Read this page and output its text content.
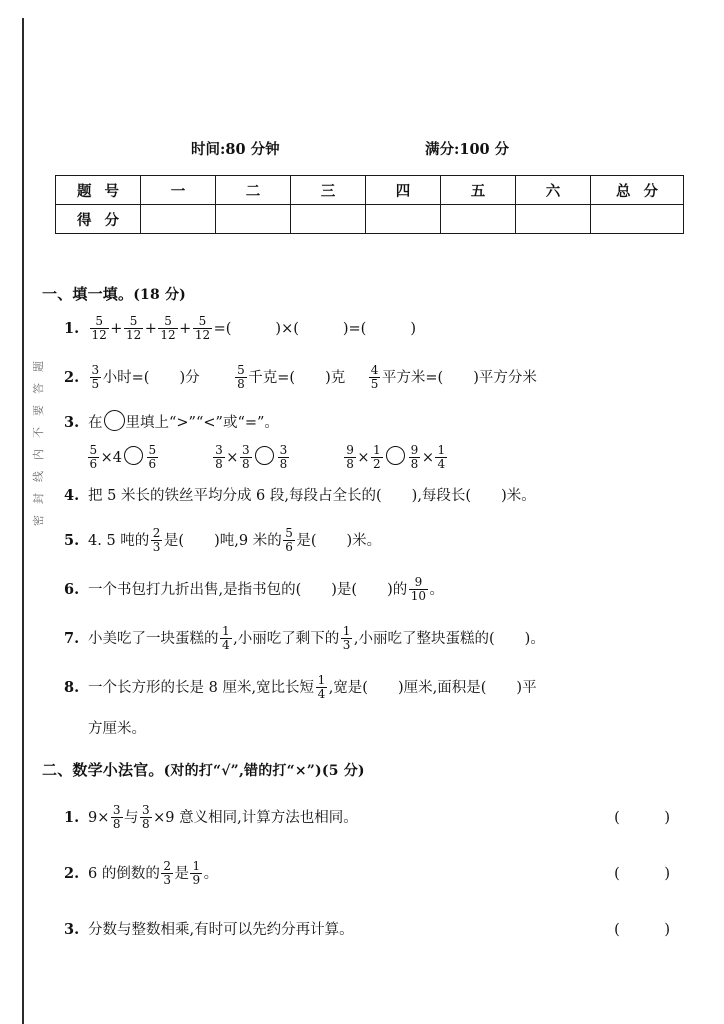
密封线内不要答题
时间:80 分钟	满分:100 分
题 号	一	二	三	四	五	六	总 分
得 分							
一、填一填。(18 分)
1. $\frac{5}{12} + \frac{5}{12} + \frac{5}{12} + \frac{5}{12}$ =(	)×(	)=(	)
2. $\frac{3}{5}$ 小时=( )分	$\frac{5}{8}$ 千克=( )克 $\frac{4}{5}$ 平方米=( )平方分米
3. 在 里填上“>”“<”或“=”。
$\frac{5}{6} \times 4 \frac{5}{6}$	$\frac{3}{8} \times \frac{3}{8} \frac{3}{8}$	$\frac{9}{8} \times \frac{1}{2} \frac{9}{8} \times \frac{1}{4}$
4. 把 5 米长的铁丝平均分成 6 段,每段占全长的( ),每段长( )米。
5. 4. 5 吨的 $\frac{2}{3}$ 是( )吨,9 米的 $\frac{5}{6}$ 是( )米。
6. 一个书包打九折出售,是指书包的( )是( )的 $\frac{9}{10}$ 。
7. 小美吃了一块蛋糕的 $\frac{1}{4}$ ,小丽吃了剩下的 $\frac{1}{3}$ ,小丽吃了整块蛋糕的( )。
8. 一个长方形的长是 8 厘米,宽比长短 $\frac{1}{4}$ ,宽是( )厘米,面积是( )平
方厘米。
二、数学小法官。(对的打“√”,错的打“×”)(5 分)
1. $9\times \frac{3}{8}$ 与 $\frac{3}{8} \times 9$ 意义相同,计算方法也相同。	( )
2. 6 的倒数的 $\frac{2}{3}$ 是 $\frac{1}{9}$ 。	( )
3. 分数与整数相乘,有时可以先约分再计算。	( )
